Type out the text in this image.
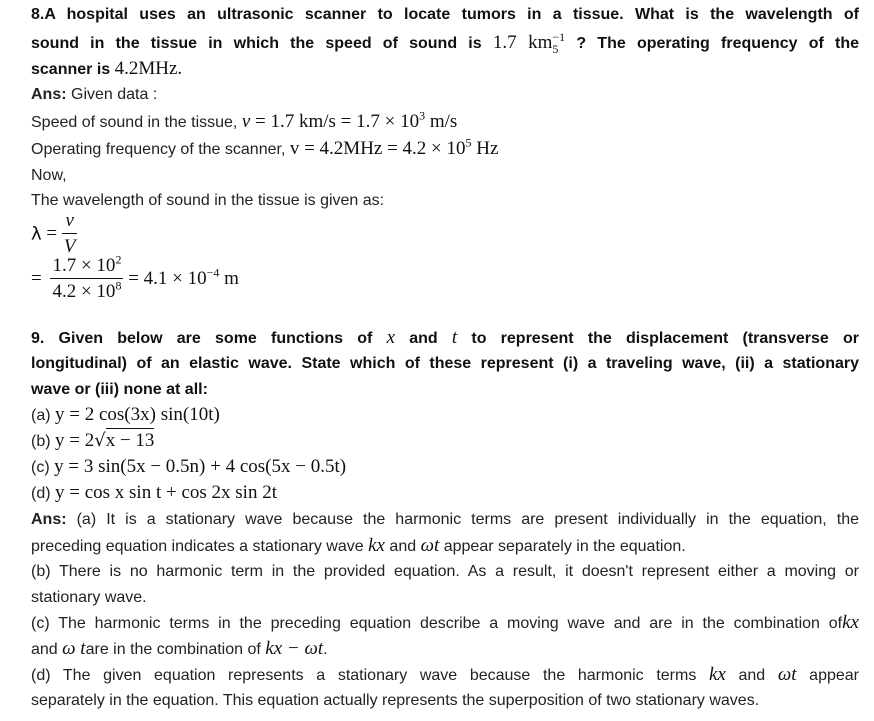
8.A hospital uses an ultrasonic scanner to locate tumors in a tissue. What is the wavelength of
sound in the tissue in which the speed of sound is 1.7 $km_5^{-1}$ ? The operating frequency of the
scanner is 4.2MHz.
Ans: Given data :
Speed of sound in the tissue, v = 1.7 $km/s = 1.7 \times 10^3$ m/s
Operating frequency of the scanner, $v = 4.2MHz = 4.2 \times 10^5$ Hz
Now,
The wavelength of sound in the tissue is given as:
$\lambda = \frac{v}{V}$
= $\frac{1.7 \times 10^2}{4.2 \times 10^8} = 4.1 \times 10^{-4}$ m
9. Given below are some functions of x and t to represent the displacement (transverse or
longitudinal) of an elastic wave. State which of these represent (i) a traveling wave, (ii) a stationary
wave or (iii) none at all:
(a) y = 2 cos(3x) sin(10t)
(b) y = 2√x − 13
(c) y = 3 sin(5x − 0.5n) + 4 cos(5x − 0.5t)
(d) y = cos x sin t + cos 2x sin 2t
Ans: (a) It is a stationary wave because the harmonic terms are present individually in the equation, the
preceding equation indicates a stationary wave kx and ωt appear separately in the equation.
(b) There is no harmonic term in the provided equation. As a result, it doesn't represent either a moving or
stationary wave.
(c) The harmonic terms in the preceding equation describe a moving wave and are in the combination ofkx
and ω tare in the combination of kx − ωt.
(d) The given equation represents a stationary wave because the harmonic terms kx and ωt appear
separately in the equation. This equation actually represents the superposition of two stationary waves.
